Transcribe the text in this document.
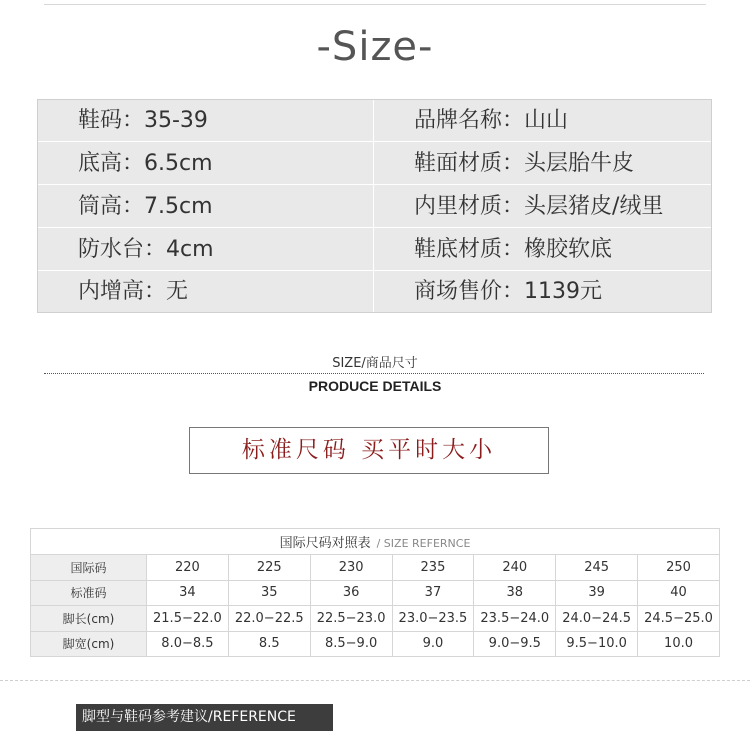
-Size-
鞋码：35-39	品牌名称：山山
底高：6.5cm	鞋面材质：头层胎牛皮
筒高：7.5cm	内里材质：头层猪皮/绒里
防水台：4cm	鞋底材质：橡胶软底
内增高：无	商场售价：1139元
SIZE/商品尺寸
PRODUCE DETAILS
标准尺码 买平时大小
国际尺码对照表 / SIZE REFERNCE							
国际码	220	225	230	235	240	245	250
标准码	34	35	36	37	38	39	40
脚长(cm)	21.5−22.0	22.0−22.5	22.5−23.0	23.0−23.5	23.5−24.0	24.0−24.5	24.5−25.0
脚宽(cm)	8.0−8.5	8.5	8.5−9.0	9.0	9.0−9.5	9.5−10.0	10.0
脚型与鞋码参考建议/REFERENCE
